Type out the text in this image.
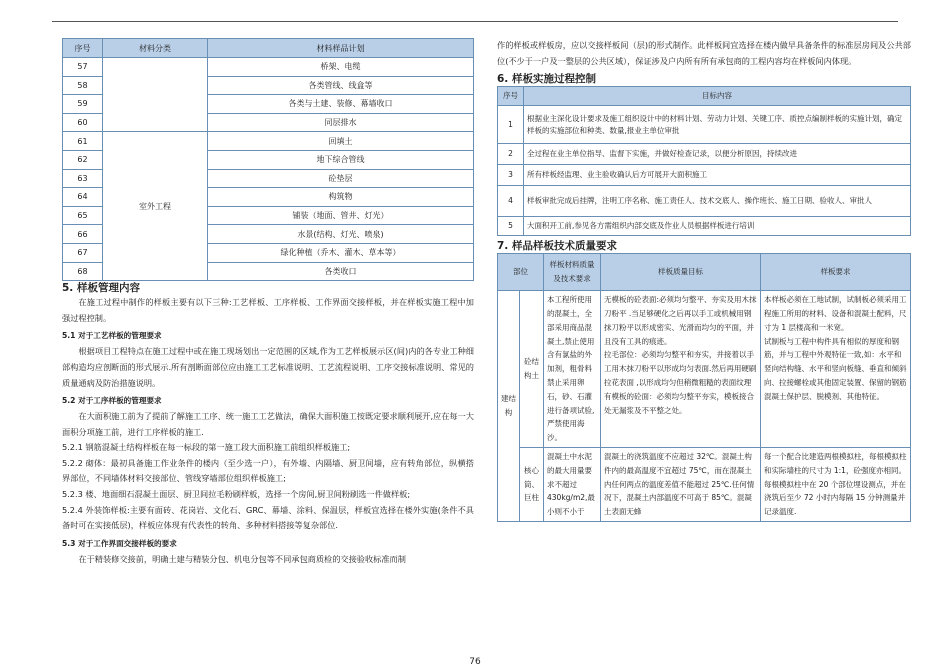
序号	材料分类	材料样品计划
57		桥架、电缆
58		各类管线、线盒等
59		各类与土建、装修、幕墙收口
60		同层排水
61	室外工程	回填土
62		地下综合管线
63		砼垫层
64		构筑物
65		铺装（地面、管井、灯光）
66		水景(结构、灯光、喷泉)
67		绿化种植（乔木、灌木、草本等）
68		各类收口

5. 样板管理内容

在施工过程中制作的样板主要有以下三种:工艺样板、工序样板、工作界面交接样板，并在样板实施工程中加强过程控制。

5.1 对于工艺样板的管理要求

根据项目工程特点在施工过程中或在施工现场划出一定范围的区域,作为工艺样板展示区(间)内的各专业工种细部构造均应剖断面的形式展示.所有剖断面部位应由施工工艺标准说明、工艺流程说明、工序交接标准说明、常见的质量通病及防治措施说明。

5.2 对于工序样板的管理要求

在大面积施工前为了提前了解施工工序、统一施工工艺做法，确保大面积施工按既定要求顺利展开,应在每一大面积分项施工前，进行工序样板的施工.

5.2.1 钢筋混凝土结构样板在每一标段的第一施工段大面积施工前组织样板施工;

5.2.2 砌体：最初具备施工作业条件的楼内（至少选一户），有外墙、内隔墙、厨卫间墙，应有转角部位，纵横搭界部位，不同墙体材料交接部位、管线穿墙部位组织样板施工;

5.2.3 楼、地面细石混凝土面层、厨卫间拉毛粉刷样板，选择一个房间,厨卫间粉刷选一件做样板;

5.2.4 外装饰样板:主要有面砖、花岗岩、文化石、GRC、幕墙、涂料、保温层，样板宜选择在楼外实施(条件不具备时可在实接低层)，样板应体现有代表性的转角、多种材料搭接等复杂部位.

5.3 对于工作界面交接样板的要求

在于精装修交接前，明确土建与精装分包、机电分包等不同承包商质检的交接验收标准而制

作的样板或样板房，应以交接样板间（层)的形式制作。此样板间宜选择在楼内做早具备条件的标准层房间及公共部位(不少于一户及一整层的公共区域），保证涉及户内所有所有承包商的工程内容均在样板间内体现。

6. 样板实施过程控制

序号	目标内容
1	根据业主深化设计要求及施工组织设计中的材料计划、劳动力计划、关键工序、质控点编制样板的实施计划，确定样板的实施部位和种类、数量,报业主单位审批
2	全过程在业主单位指导、监督下实施，并做好检查记录，以便分析原因，持续改进
3	所有样板经监理、业主验收确认后方可展开大面积施工
4	样板审批完成后挂牌，注明工序名称、施工责任人、技术交底人、操作班长、施工日期、验收人、审批人
5	大面积开工前,参见各方需组织内部交底及作业人员根据样板进行培训

7. 样品样板技术质量要求

部位		样板材料质量及技术要求	样板质量目标	样板要求
建结构	砼结构土	本工程所使用的混凝土，全部采用商品混凝土,禁止使用含有氯盐的外加剂，粗骨料禁止采用卵石，砂、石灌进行备项试验,严禁使用海沙。	无模板的砼表面:必须均匀整平、夯实及用木抹刀粉平 .当足够硬化之后再以手工或机械用钢抹刀粉平以形成密实、光滑而均匀的平面，并且没有工具的痕迹。
拉毛部位：必须均匀整平和夯实，并接着以手工用木抹刀粉平以形成均匀表面.然后再用硬刷拉花表面 ,以形成均匀但稍微粗糙的表面纹理
有模板的砼面：必须均匀整平夯实，模板接合处无漏浆及不平整之处。	本样板必须在工地试制，试制板必须采用工程施工所用的材料、设备和混凝土配料，尺寸为 1 层楼高和一米宽。
试制板与工程中构件具有相似的厚度和钢筋，并与工程中外观特征一致,如：水平和竖向结构缝、水平和竖向板缝、垂直和倾斜向、拉接螺栓或其他固定装置、保留的钢筋混凝土保护层、脱模剂、其他特征。
	核心筒、巨柱	混凝土中水泥的最大用量要求不超过 430kg/m2,最小则不小于	混凝土的浇筑温度不应超过 32℃。混凝土构件内的最高温度不宜超过 75℃，而在混凝土内任何两点的温度差值不能超过 25℃.任何情况下，混凝土内部温度不可高于 85℃。混凝土表面无蜂	每一个配合比建造两根模拟柱，每根模拟柱和实际墙柱的尺寸为 1:1，砼强度亦相同。每根模拟柱中在 20 个部位埋设测点，并在浇筑后至少 72 小时内每隔 15 分钟测量并记录温度.
76
